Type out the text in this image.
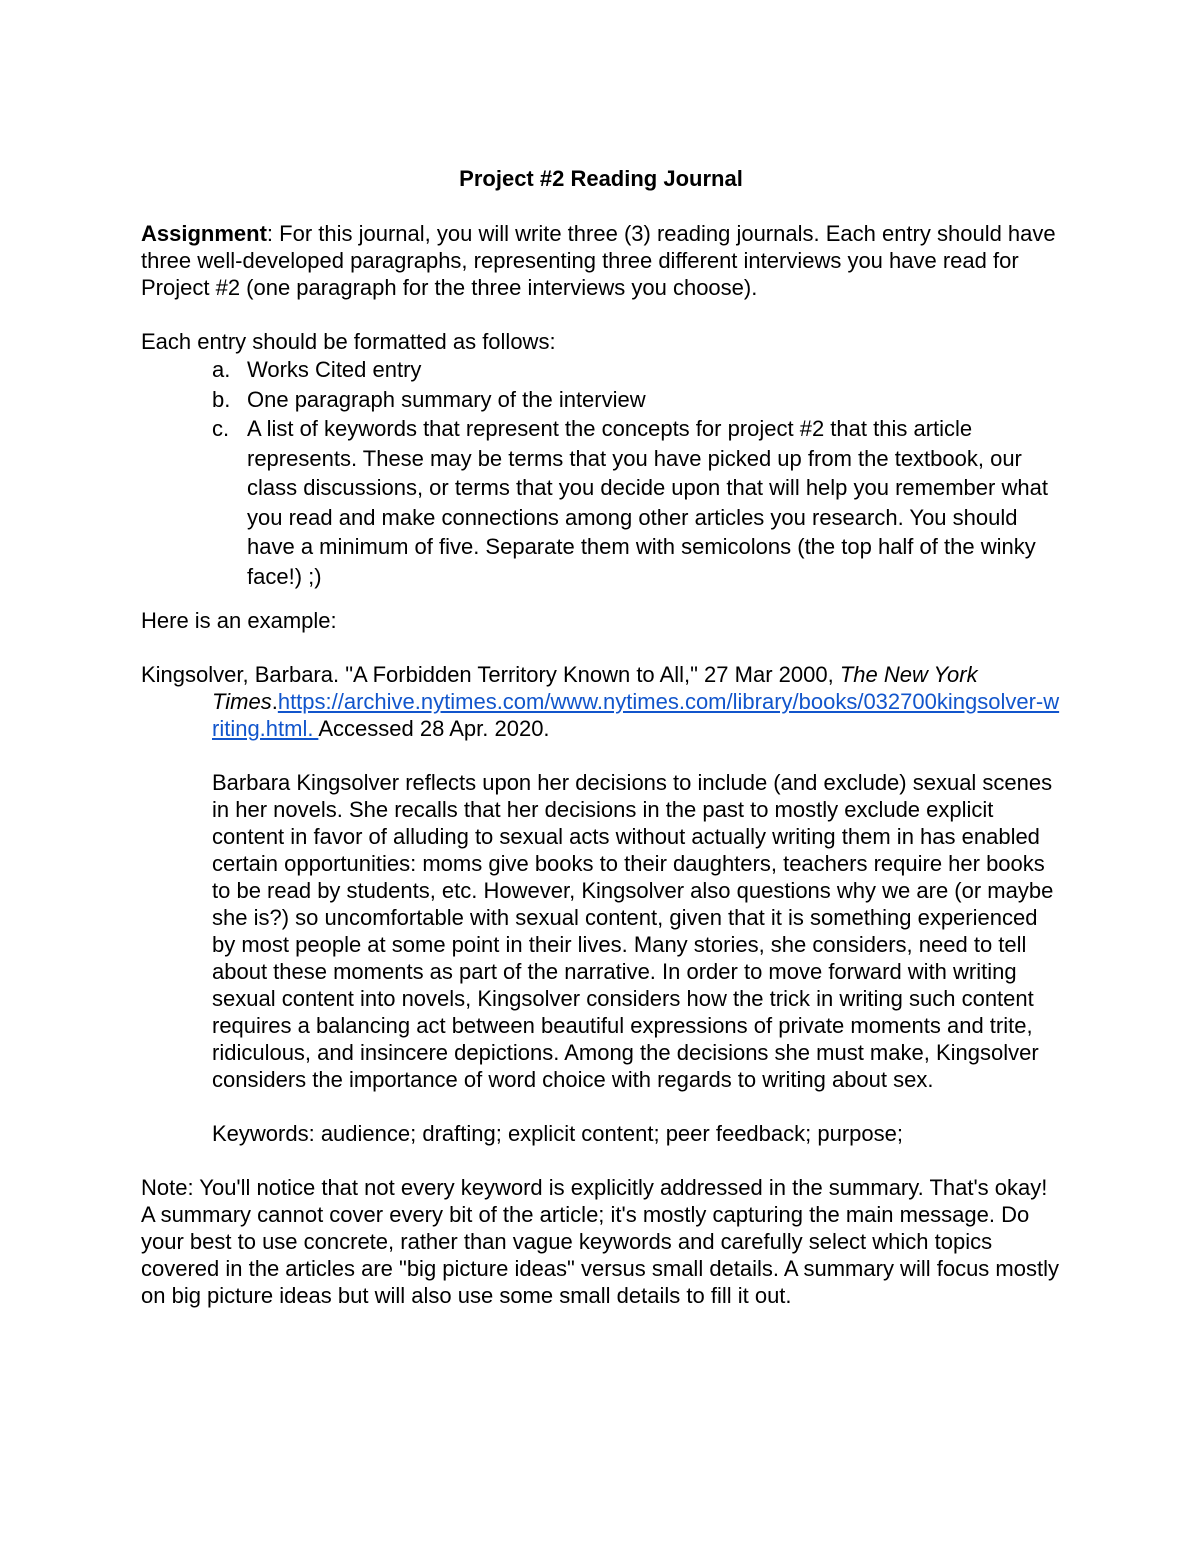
Project #2 Reading Journal

Assignment: For this journal, you will write three (3) reading journals. Each entry should have three well-developed paragraphs, representing three different interviews you have read for Project #2 (one paragraph for the three interviews you choose).

Each entry should be formatted as follows:

a. Works Cited entry
b. One paragraph summary of the interview
c. A list of keywords that represent the concepts for project #2 that this article represents. These may be terms that you have picked up from the textbook, our class discussions, or terms that you decide upon that will help you remember what you read and make connections among other articles you research. You should have a minimum of five. Separate them with semicolons (the top half of the winky face!) ;)

Here is an example:

Kingsolver, Barbara. "A Forbidden Territory Known to All," 27 Mar 2000, The New York Times.https://archive.nytimes.com/www.nytimes.com/library/books/032700kingsolver-writing.html. Accessed 28 Apr. 2020.

Barbara Kingsolver reflects upon her decisions to include (and exclude) sexual scenes in her novels. She recalls that her decisions in the past to mostly exclude explicit content in favor of alluding to sexual acts without actually writing them in has enabled certain opportunities: moms give books to their daughters, teachers require her books to be read by students, etc. However, Kingsolver also questions why we are (or maybe she is?) so uncomfortable with sexual content, given that it is something experienced by most people at some point in their lives. Many stories, she considers, need to tell about these moments as part of the narrative. In order to move forward with writing sexual content into novels, Kingsolver considers how the trick in writing such content requires a balancing act between beautiful expressions of private moments and trite, ridiculous, and insincere depictions. Among the decisions she must make, Kingsolver considers the importance of word choice with regards to writing about sex.

Keywords: audience; drafting; explicit content; peer feedback; purpose;

Note: You'll notice that not every keyword is explicitly addressed in the summary. That's okay! A summary cannot cover every bit of the article; it's mostly capturing the main message. Do your best to use concrete, rather than vague keywords and carefully select which topics covered in the articles are "big picture ideas" versus small details. A summary will focus mostly on big picture ideas but will also use some small details to fill it out.
